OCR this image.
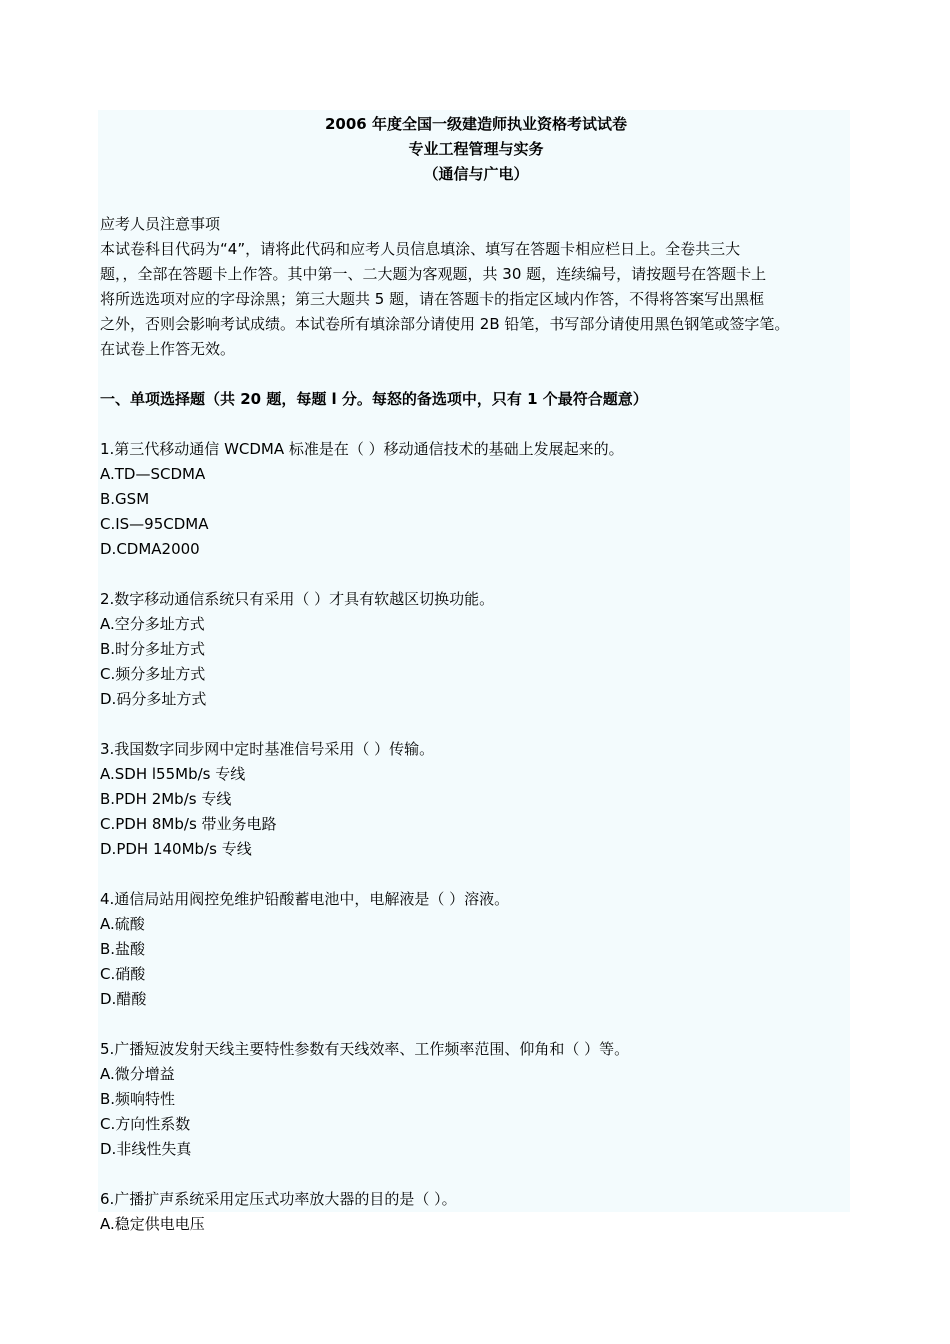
2006 年度全国一级建造师执业资格考试试卷
专业工程管理与实务
（通信与广电）
应考人员注意事项
本试卷科目代码为“4”，请将此代码和应考人员信息填涂、填写在答题卡相应栏日上。全卷共三大
题，，全部在答题卡上作答。其中第一、二大题为客观题，共 30 题，连续编号，请按题号在答题卡上
将所选选项对应的字母涂黑；第三大题共 5 题，请在答题卡的指定区域内作答，不得将答案写出黑框
之外，否则会影响考试成绩。本试卷所有填涂部分请使用 2B 铅笔，书写部分请使用黑色钢笔或签字笔。
在试卷上作答无效。
一、单项选择题（共 20 题，每题 l 分。每怒的备选项中，只有 1 个最符合题意）
1.第三代移动通信 WCDMA 标准是在（ ）移动通信技术的基础上发展起来的。
A.TD—SCDMA
B.GSM
C.IS—95CDMA
D.CDMA2000
2.数字移动通信系统只有采用（ ）才具有软越区切换功能。
A.空分多址方式
B.时分多址方式
C.频分多址方式
D.码分多址方式
3.我国数字同步网中定时基准信号采用（ ）传输。
A.SDH l55Mb/s 专线
B.PDH 2Mb/s 专线
C.PDH 8Mb/s 带业务电路
D.PDH 140Mb/s 专线
4.通信局站用阀控免维护铅酸蓄电池中，电解液是（ ）溶液。
A.硫酸
B.盐酸
C.硝酸
D.醋酸
5.广播短波发射天线主要特性参数有天线效率、工作频率范围、仰角和（ ）等。
A.微分增益
B.频响特性
C.方向性系数
D.非线性失真
6.广播扩声系统采用定压式功率放大器的目的是（ ）。
A.稳定供电电压
